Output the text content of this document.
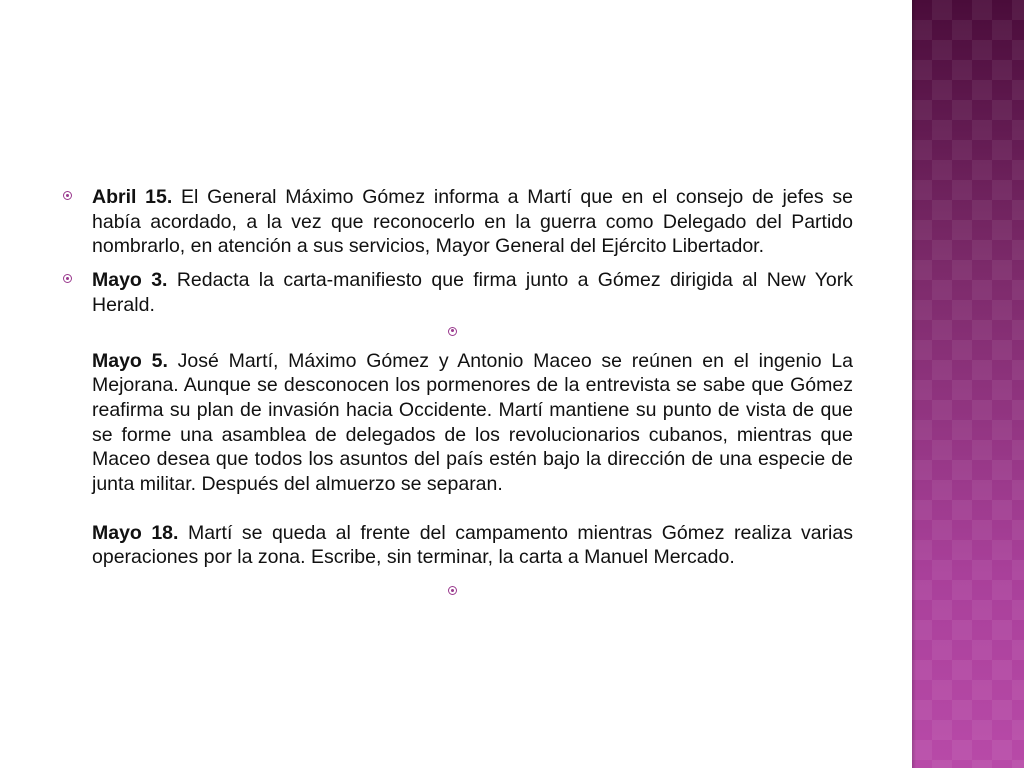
Abril 15. El General Máximo Gómez informa a Martí que en el consejo de jefes se había acordado, a la vez que reconocerlo en la guerra como Delegado del Partido nombrarlo, en atención a sus servicios, Mayor General del Ejército Libertador.
Mayo 3. Redacta la carta-manifiesto que firma junto a Gómez dirigida al New York Herald.
Mayo 5. José Martí, Máximo Gómez y Antonio Maceo se reúnen en el ingenio La Mejorana. Aunque se desconocen los pormenores de la entrevista se sabe que Gómez reafirma su plan de invasión hacia Occidente. Martí mantiene su punto de vista de que se forme una asamblea de delegados de los revolucionarios cubanos, mientras que Maceo desea que todos los asuntos del país estén bajo la dirección de una especie de junta militar. Después del almuerzo se separan.
Mayo 18. Martí se queda al frente del campamento mientras Gómez realiza varias operaciones por la zona. Escribe, sin terminar, la carta a Manuel Mercado.
